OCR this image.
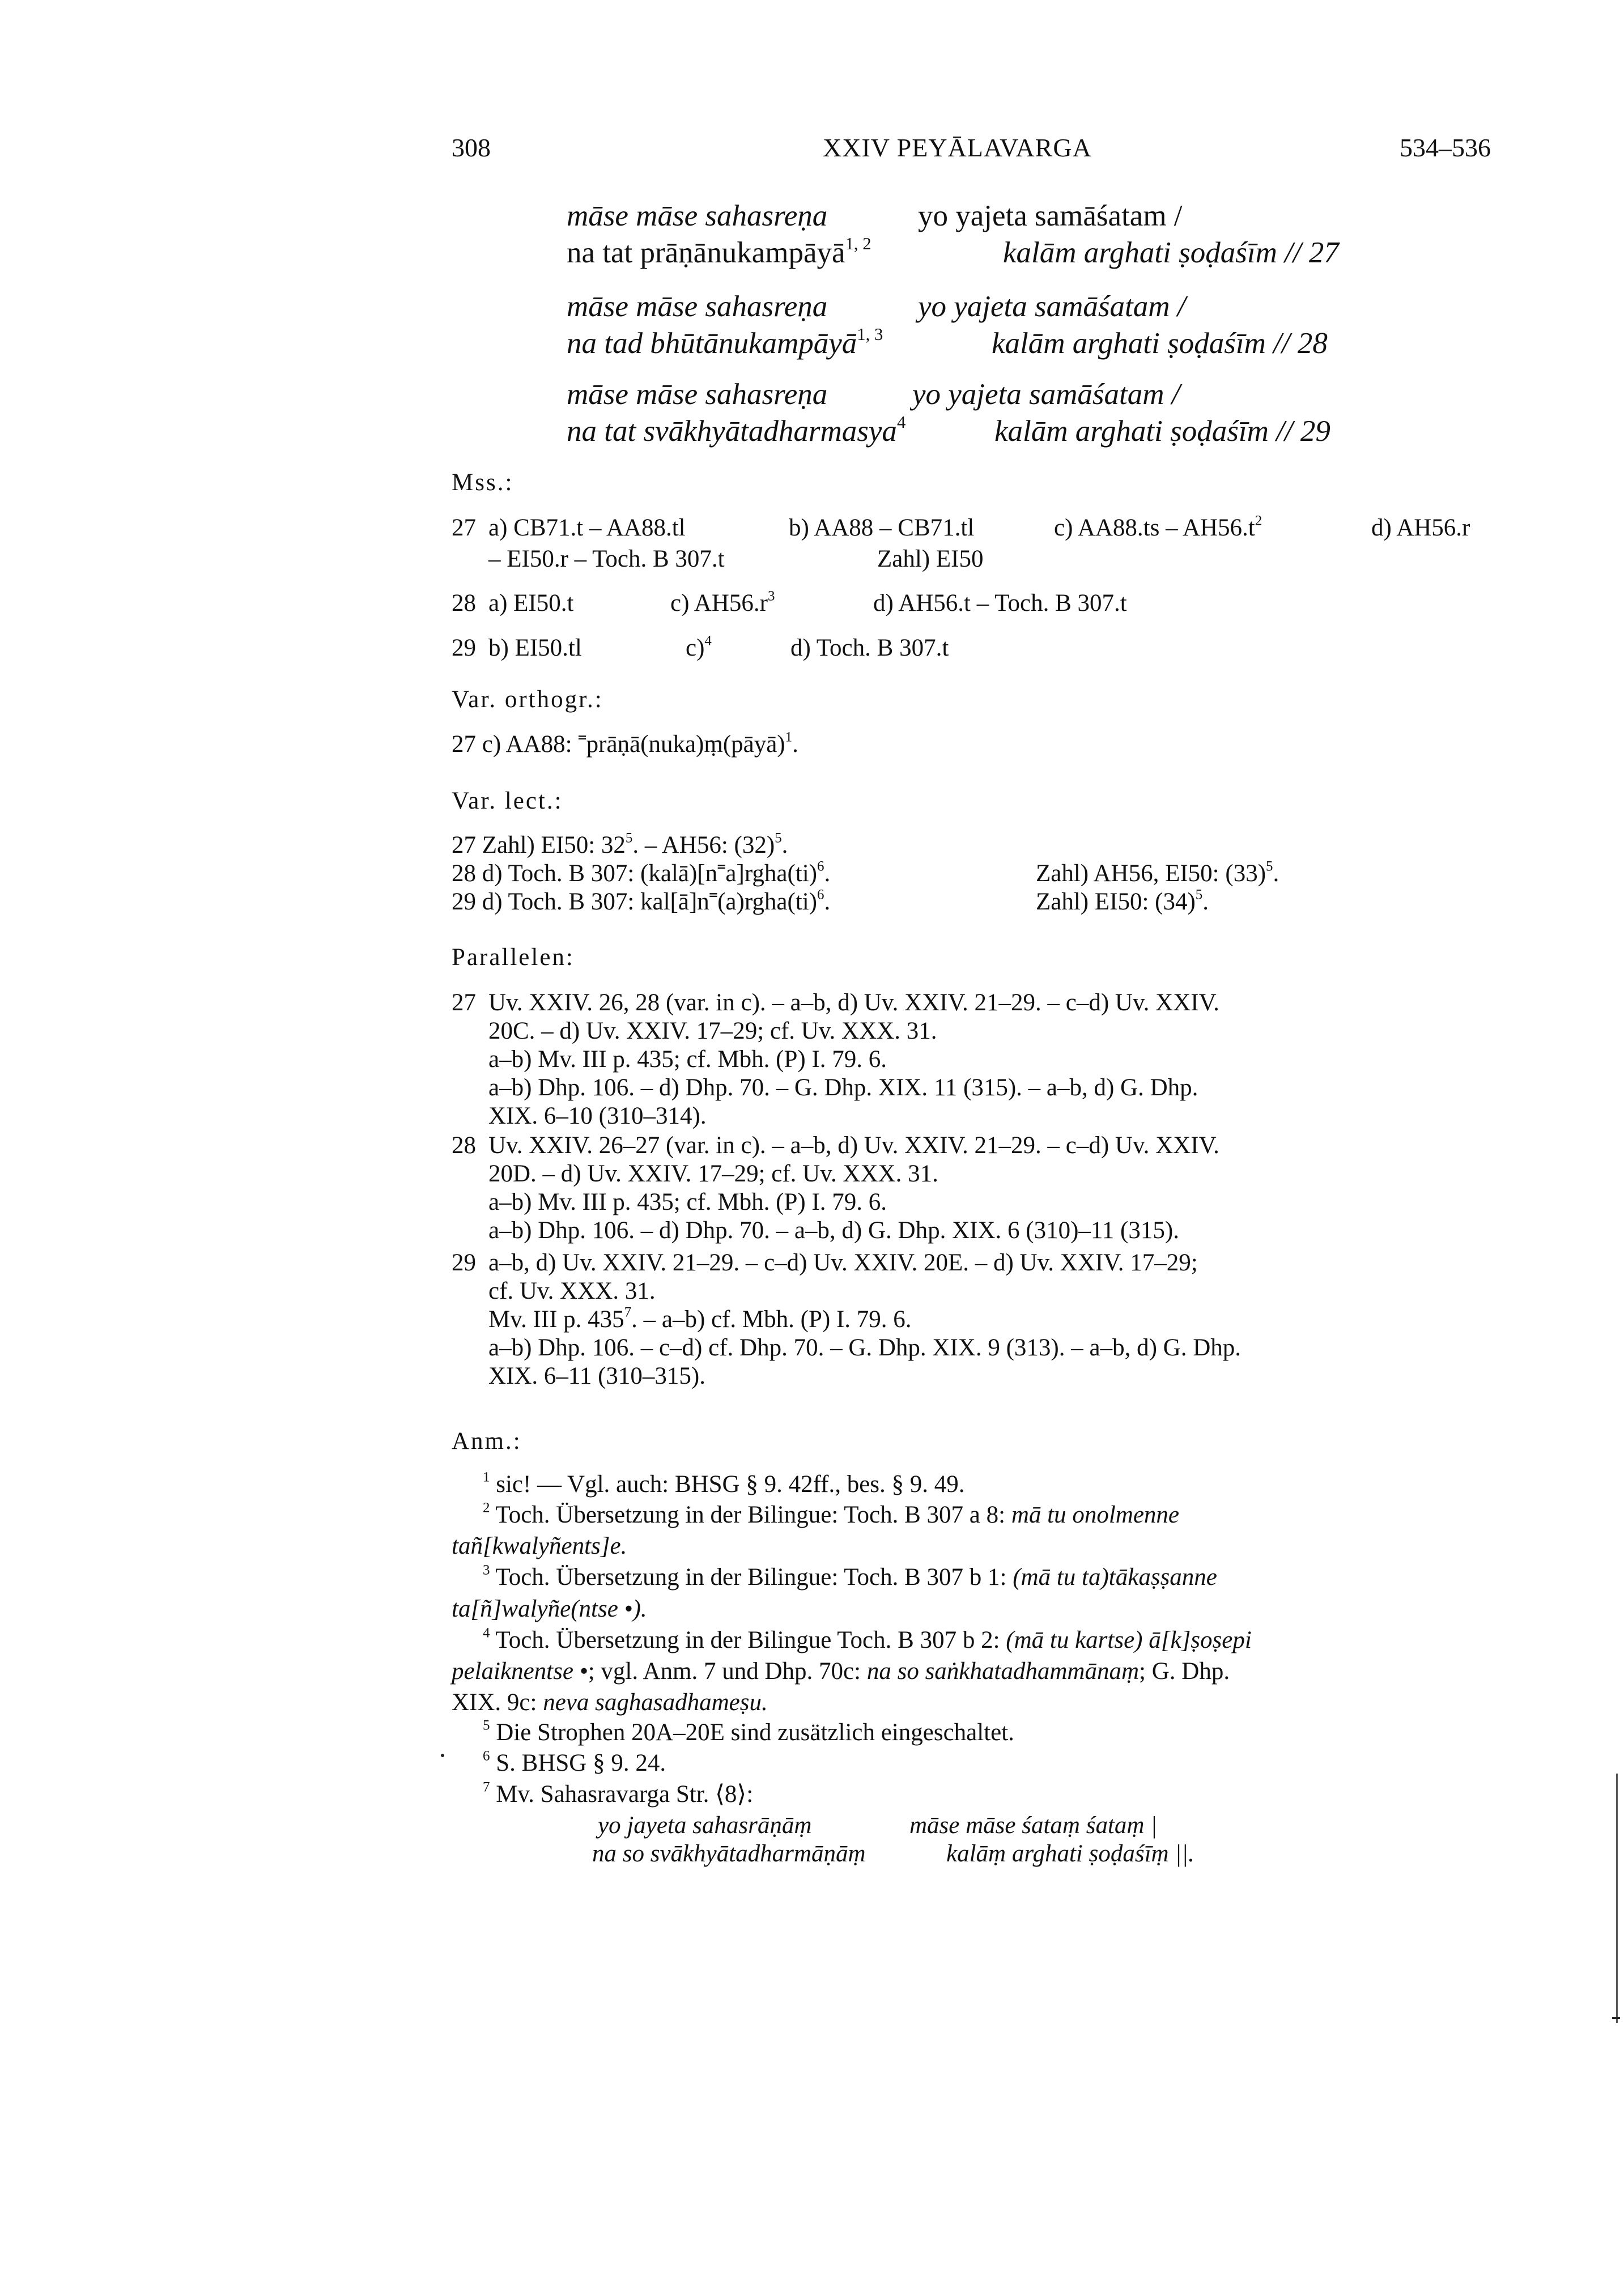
308	XXIV PEYĀLAVARGA	534–536
māse māse sahasreṇa	yo yajeta samāśatam /
na tat prāṇānukampāyā$^{1, 2}$	kalām arghati ṣoḍaśīm // 27
māse māse sahasreṇa	yo yajeta samāśatam /
na tad bhūtānukampāyā$^{1, 3}$	kalām arghati ṣoḍaśīm // 28
māse māse sahasreṇa	yo yajeta samāśatam /
na tat svākhyātadharmasya$^4$	kalām arghati ṣoḍaśīm // 29
Mss.:
27 a) CB71.t – AA88.tl	b) AA88 – CB71.tl	c) $AA88.ts - AH56.t^2$	d) AH56.r
– EI50.r – Toch. B 307.t	Zahl) EI50
28 a) EI50.t	c) $AH56.r^3$	d) AH56.t – Toch. B 307.t
29 b) EI50.tl	c)$^4$	d) Toch. B 307.t
Var. orthogr.:
27 c) AA88: ˭prāṇā(nuka)ṃ(pāyā)$^1$.
Var. lect.:
27 Zahl) EI50: $32^5$. – AH56: $(32)^5$.
28 d) Toch. B 307: (kalā)[n˭a]rgha(ti)$^6$.	Zahl) AH56, EI50: $(33)^5$.
29 d) Toch. B 307: kal[ā]n˭(a)rgha(ti)$^6$.	Zahl) EI50: $(34)^5$.
Parallelen:
27 Uv. XXIV. 26, 28 (var. in c). – a–b, d) Uv. XXIV. 21–29. – c–d) Uv. XXIV.
20C. – d) Uv. XXIV. 17–29; cf. Uv. XXX. 31.
a–b) Mv. III p. 435; cf. Mbh. (P) I. 79. 6.
a–b) Dhp. 106. – d) Dhp. 70. – G. Dhp. XIX. 11 (315). – a–b, d) G. Dhp.
XIX. 6–10 (310–314).
28 Uv. XXIV. 26–27 (var. in c). – a–b, d) Uv. XXIV. 21–29. – c–d) Uv. XXIV.
20D. – d) Uv. XXIV. 17–29; cf. Uv. XXX. 31.
a–b) Mv. III p. 435; cf. Mbh. (P) I. 79. 6.
a–b) Dhp. 106. – d) Dhp. 70. – a–b, d) G. Dhp. XIX. 6 (310)–11 (315).
29 a–b, d) Uv. XXIV. 21–29. – c–d) Uv. XXIV. 20E. – d) Uv. XXIV. 17–29;
cf. Uv. XXX. 31.
Mv. III p. $435^7$. – a–b) cf. Mbh. (P) I. 79. 6.
a–b) Dhp. 106. – c–d) cf. Dhp. 70. – G. Dhp. XIX. 9 (313). – a–b, d) G. Dhp.
XIX. 6–11 (310–315).
Anm.:
$^1$ sic! — Vgl. auch: BHSG § 9. 42ff., bes. § 9. 49.
$^2$ Toch. Übersetzung in der Bilingue: Toch. B 307 a 8: mā tu onolmenne
tañ[kwalyñents]e.
$^3$ Toch. Übersetzung in der Bilingue: Toch. B 307 b 1: (mā tu ta)tākaṣṣanne
ta[ñ]walyñe(ntse •).
$^4$ Toch. Übersetzung in der Bilingue Toch. B 307 b 2: (mā tu kartse) ā[k]ṣoṣepi
pelaiknentse •; vgl. Anm. 7 und Dhp. 70c: na so saṅkhatadhammānaṃ; G. Dhp.
XIX. 9c: neva saghasadhameṣu.
$^5$ Die Strophen 20A–20E sind zusätzlich eingeschaltet.
$^6$ S. BHSG § 9. 24.
$^7$ Mv. Sahasravarga Str. ⟨8⟩:
yo jayeta sahasrāṇāṃ	māse māse śataṃ śataṃ |
na so svākhyātadharmāṇāṃ	kalāṃ arghati ṣoḍaśīṃ ||.
